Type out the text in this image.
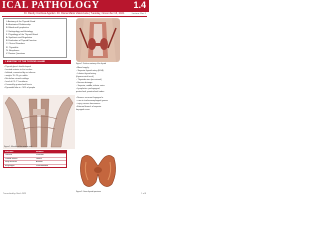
ICAL PATHOLOGY	1.4
Dr. Randy Cordova Aguilar • Dr. Diana Marie Valenzuela | Tuesday, November 16, 2021	Lecture: Rev 1
I. Anatomy of the Thyroid Gland
A. Anatomical Relationship
B. Blood and Lymphatics
C. Embryology and Histology
II. Physiology of the Thyroid Gland
A. Synthesis and Regulation
B. Evaluation of Thyroid Function
C. Clinical Disorders
III. Thyroiditis
IV. Neoplasms
V. Review Questions
I. ANATOMY OF THE THYROID GLAND
• Thyroid gland: shield-shaped
– located anterior to the trachea
– bilobed; connected by an isthmus
– weighs 15–25 g in adults
• Sits below cricoid cartilage
– level of C5–T1 vertebrae
• Covered by pretracheal fascia
• Pyramidal lobe in ~50% of people
Figure 2. Surface anatomy of the thyroid
• Blood supply:
– Superior thyroid artery (ECA)
– Inferior thyroid artery
(thyrocervical trunk)
– Thyroidea ima (occasional)
• Venous drainage:
– Superior, middle, inferior veins
• Lymphatics: prelaryngeal,
pretracheal, paratracheal nodes
• Nerves: recurrent laryngeal n.
– runs in tracheoesophageal groove
– injury causes hoarseness
• External branch of superior
laryngeal nerve
Figure 1. Muscles of the anterior neck
Structure	Relation
Trachea	Posterior
Carotid sheath	Lateral
Strap muscles	Anterior
Esophagus	Posteromedial
Figure 3. Gross thyroid specimen
Transcribed by: Batch 2023	1 of 8
